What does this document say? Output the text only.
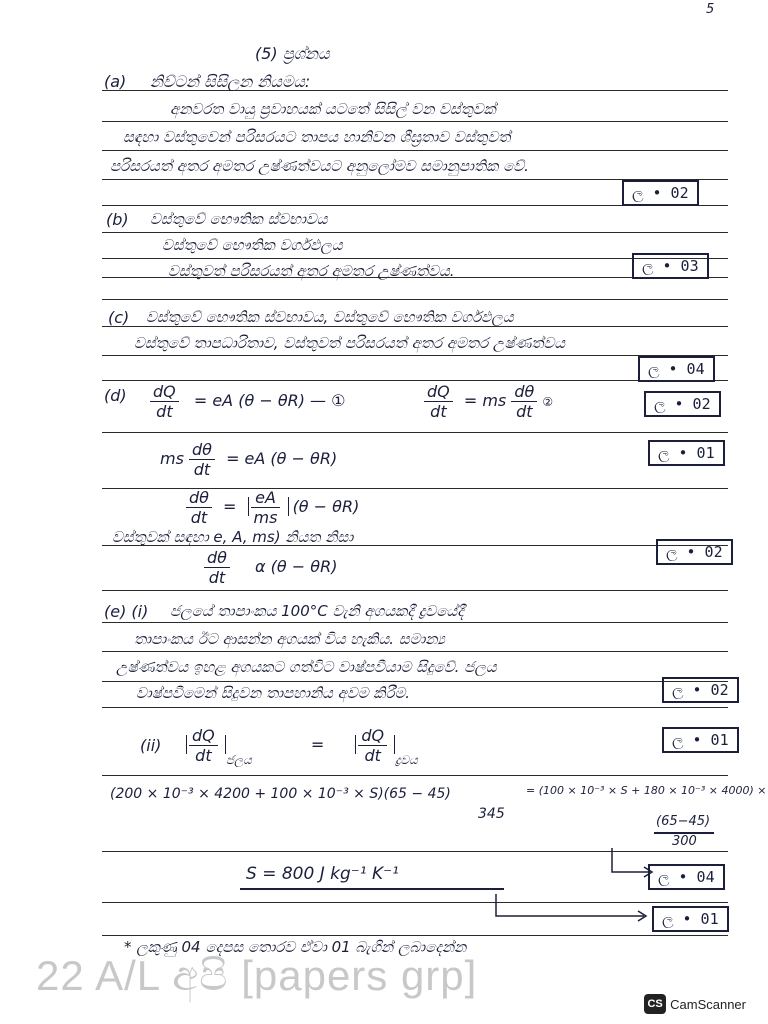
5
(5) ප්‍රශ්නය
(a) නිව්ටන් සිසිලන නියමය:
අනවරත වායු ප්‍රවාහයක් යටතේ සිසිල් වන වස්තුවක්
සඳහා වස්තුවෙන් පරිසරයට තාපය හානිවන ශීඝ්‍රතාව වස්තුවත්
පරිසරයත් අතර අමතර උෂ්ණත්වයට අනුලෝමව සමානුපාතික වේ.
ල • 02
(b) වස්තුවේ භෞතික ස්වභාවය
වස්තුවේ භෞතික වර්ගඵලය
වස්තුවත් පරිසරයත් අතර අමතර උෂ්ණත්වය.	ල • 03
(c) වස්තුවේ භෞතික ස්වභාවය, වස්තුවේ භෞතික වර්ගඵලය
වස්තුවේ තාපධාරිතාව, වස්තුවත් පරිසරයත් අතර අමතර උෂ්ණත්වය
ල • 04
$(d) \frac{dQ}{dt}$ = eA (θ − θR) — ①	$\frac{dQ}{dt}$ = ms $\frac{d\theta}{dt}$ ②	ල • 02
ms $\frac{d\theta}{dt}$ = eA (θ − θR)	ල • 01
$\frac{d\theta}{dt} = \frac{eA}{ms} (\theta - \theta R)$
වස්තුවක් සඳහා e, A, ms) නියත නිසා
$\frac{d\theta}{dt}$ α (θ − θR)
ල • 02
(e) (i) ජලයේ තාපාංකය 100°C වැනි අගයකදී ද්‍රවයේදී
තාපාංකය ඊට ආසන්න අගයක් විය හැකිය. සමාන්‍ය
උෂ්ණත්වය ඉහළ අගයකට ගත්විට වාෂ්පවීයාම සිදුවේ. ජලය
වාෂ්පවීමෙන් සිදුවන තාපහානිය අවම කිරීම.	ල • 02
$(ii) \frac{dQ}{dt} _{ජලය} = \frac{dQ}{dt} _{ද්‍රවය}$
ල • 01
(200 × 10⁻³ × 4200 + 100 × 10⁻³ × S)(65 − 45)
345
= (100 × 10⁻³ × S + 180 × 10⁻³ × 4000) ×
(65−45)
300
S = 800 J kg⁻¹ K⁻¹	ල • 04
ල • 01
* ලකුණු 04 දෙපස තොරව ඒවා 01 බැගින් ලබාදෙන්න
22 A/L අපි [papers grp]
CS CamScanner
